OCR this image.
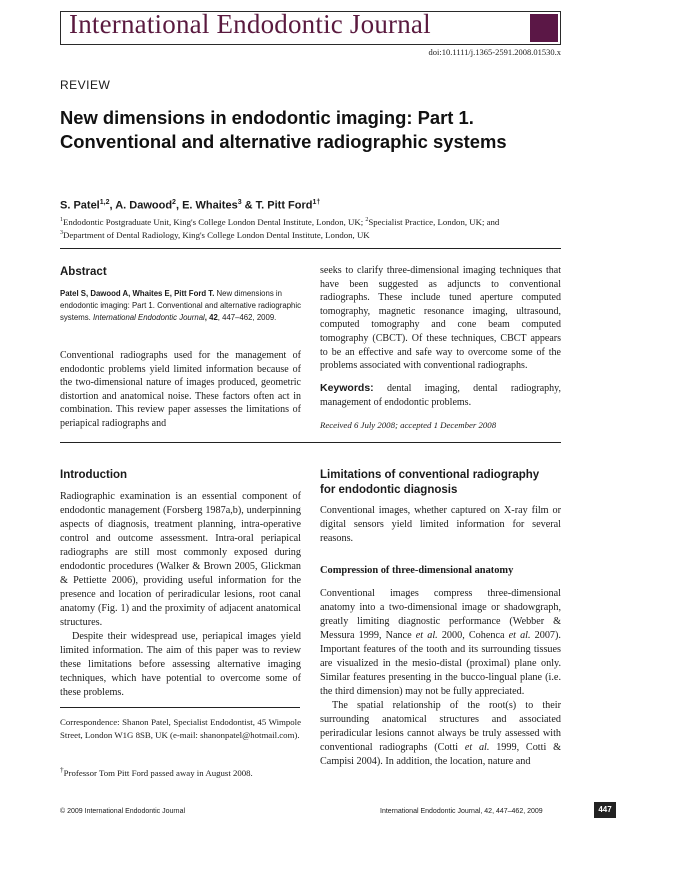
International Endodontic Journal
doi:10.1111/j.1365-2591.2008.01530.x
REVIEW
New dimensions in endodontic imaging: Part 1.
Conventional and alternative radiographic systems
S. Patel$^{1,2}$, A. Dawood$^2$, E. Whaites$^3$ & T. Pitt Ford$^{1\dagger}$
$^1$Endodontic Postgraduate Unit, King's College London Dental Institute, London, UK; $^2$Specialist Practice, London, UK; and
$^3$Department of Dental Radiology, King's College London Dental Institute, London, UK
Abstract
Patel S, Dawood A, Whaites E, Pitt Ford T. New dimensions in endodontic imaging: Part 1. Conventional and alternative radiographic systems. International Endodontic Journal, 42, 447–462, 2009.
Conventional radiographs used for the management of endodontic problems yield limited information because of the two-dimensional nature of images produced, geometric distortion and anatomical noise. These factors often act in combination. This review paper assesses the limitations of periapical radiographs and
seeks to clarify three-dimensional imaging techniques that have been suggested as adjuncts to conventional radiographs. These include tuned aperture computed tomography, magnetic resonance imaging, ultrasound, computed tomography and cone beam computed tomography (CBCT). Of these techniques, CBCT appears to be an effective and safe way to overcome some of the problems associated with conventional radiographs.
Keywords: dental imaging, dental radiography, management of endodontic problems.
Received 6 July 2008; accepted 1 December 2008
Introduction

Radiographic examination is an essential component of endodontic management (Forsberg 1987a,b), underpinning aspects of diagnosis, treatment planning, intra-operative control and outcome assessment. Intra-oral periapical radiographs are still most commonly exposed during endodontic procedures (Walker & Brown 2005, Glickman & Pettiette 2006), providing useful information for the presence and location of periradicular lesions, root canal anatomy (Fig. 1) and the proximity of adjacent anatomical structures.

Despite their widespread use, periapical images yield limited information. The aim of this paper was to review these limitations before assessing alternative imaging techniques, which have potential to overcome some of these problems.

Correspondence: Shanon Patel, Specialist Endodontist, 45 Wimpole Street, London W1G 8SB, UK (e-mail: shanonpatel@hotmail.com).
†Professor Tom Pitt Ford passed away in August 2008.
Limitations of conventional radiography
for endodontic diagnosis
Conventional images, whether captured on X-ray film or digital sensors yield limited information for several reasons.
Compression of three-dimensional anatomy

Conventional images compress three-dimensional anatomy into a two-dimensional image or shadowgraph, greatly limiting diagnostic performance (Webber & Messura 1999, Nance et al. 2000, Cohenca et al. 2007). Important features of the tooth and its surrounding tissues are visualized in the mesio-distal (proximal) plane only. Similar features presenting in the bucco-lingual plane (i.e. the third dimension) may not be fully appreciated.

The spatial relationship of the root(s) to their surrounding anatomical structures and associated periradicular lesions cannot always be truly assessed with conventional radiographs (Cotti et al. 1999, Cotti & Campisi 2004). In addition, the location, nature and

© 2009 International Endodontic Journal	International Endodontic Journal, 42, 447–462, 2009	447
